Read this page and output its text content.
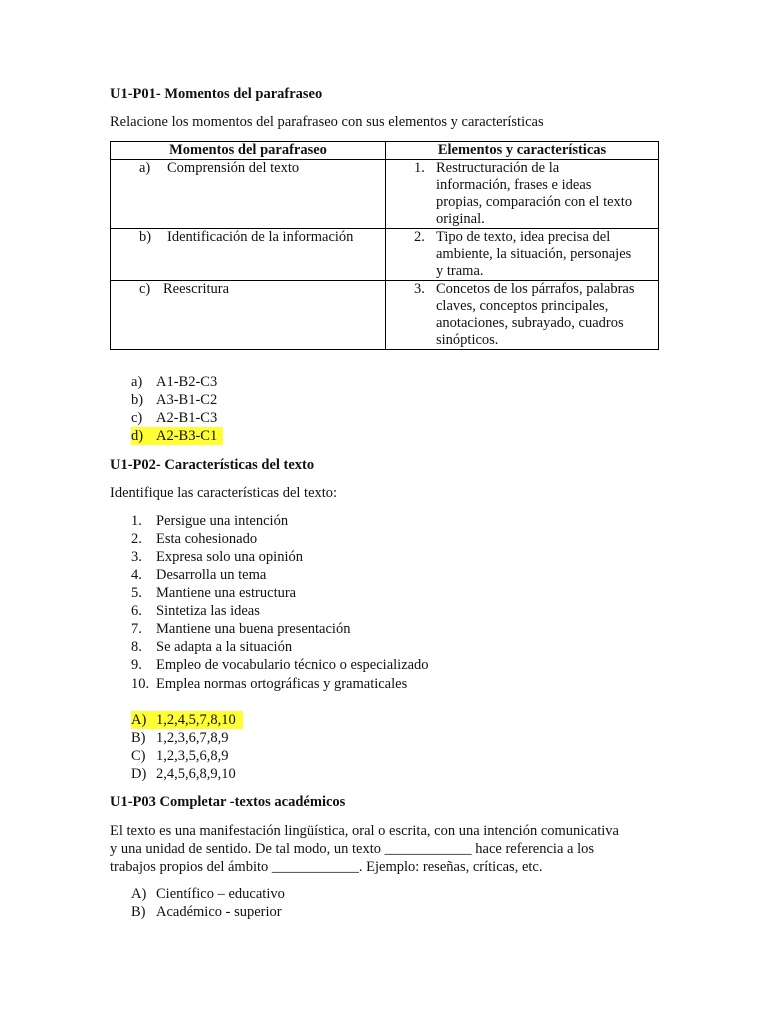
U1-P01- Momentos del parafraseo
Relacione los momentos del parafraseo con sus elementos y características
Momentos del parafraseo	Elementos y características

a) Comprensión del texto	1. Restructuración de la
información, frases e ideas
propias, comparación con el texto
original.

b) Identificación de la información	2. Tipo de texto, idea precisa del
ambiente, la situación, personajes
y trama.

c) Reescritura	3. Concetos de los párrafos, palabras
claves, conceptos principales,
anotaciones, subrayado, cuadros
sinópticos.
a) A1-B2-C3
b) A3-B1-C2
c) A2-B1-C3
d) A2-B3-C1
U1-P02- Características del texto
Identifique las características del texto:
1. Persigue una intención
2. Esta cohesionado
3. Expresa solo una opinión
4. Desarrolla un tema
5. Mantiene una estructura
6. Sintetiza las ideas
7. Mantiene una buena presentación
8. Se adapta a la situación
9. Empleo de vocabulario técnico o especializado
10. Emplea normas ortográficas y gramaticales
A) 1,2,4,5,7,8,10
B) 1,2,3,6,7,8,9
C) 1,2,3,5,6,8,9
D) 2,4,5,6,8,9,10
U1-P03 Completar -textos académicos
El texto es una manifestación lingüística, oral o escrita, con una intención comunicativa
y una unidad de sentido. De tal modo, un texto ____________ hace referencia a los
trabajos propios del ámbito ____________. Ejemplo: reseñas, críticas, etc.
A) Científico – educativo
B) Académico - superior
